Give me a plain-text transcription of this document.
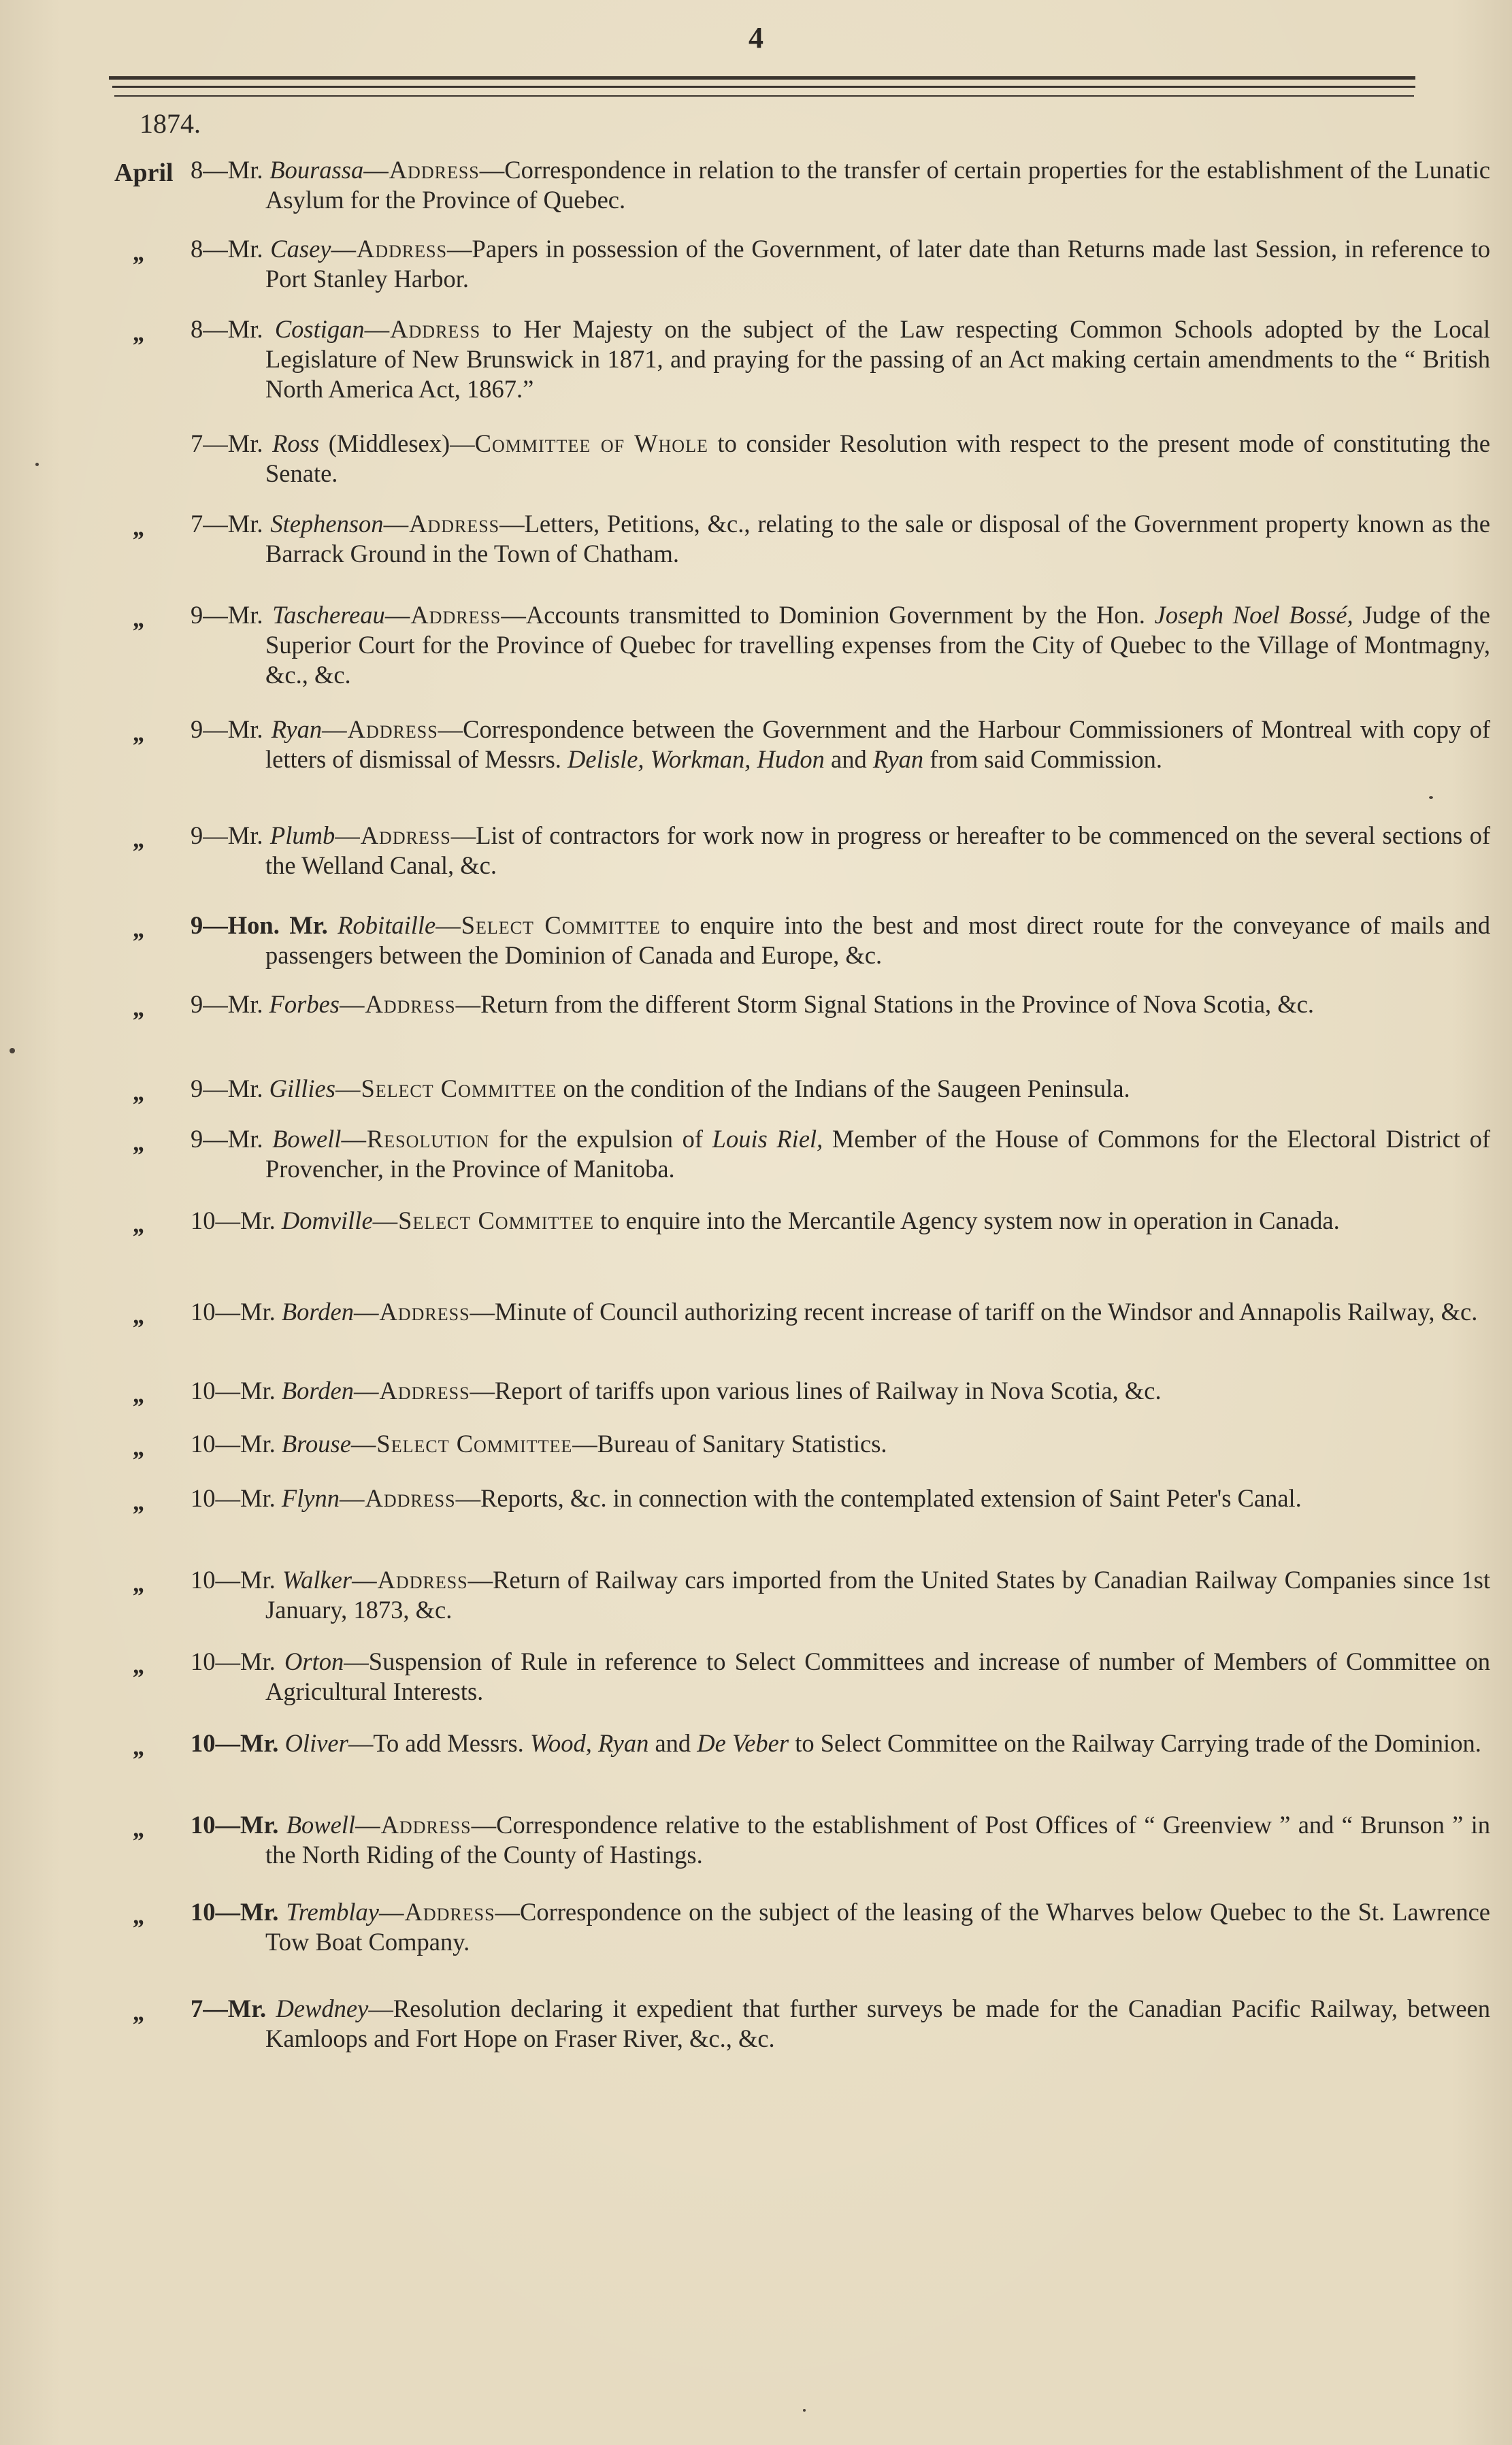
4
1874.
April 8—Mr. Bourassa—Address—Correspondence in relation to the transfer of certain properties for the establishment of the Lunatic Asylum for the Province of Quebec.
„ 8—Mr. Casey—Address—Papers in possession of the Government, of later date than Returns made last Session, in reference to Port Stanley Harbor.
„ 8—Mr. Costigan—Address to Her Majesty on the subject of the Law respecting Common Schools adopted by the Local Legislature of New Brunswick in 1871, and praying for the passing of an Act making certain amendments to the “ British North America Act, 1867.”
7—Mr. Ross (Middlesex)—Committee of Whole to consider Resolution with respect to the present mode of constituting the Senate.
„ 7—Mr. Stephenson—Address—Letters, Petitions, &c., relating to the sale or disposal of the Government property known as the Barrack Ground in the Town of Chatham.
„ 9—Mr. Taschereau—Address—Accounts transmitted to Dominion Government by the Hon. Joseph Noel Bossé, Judge of the Superior Court for the Province of Quebec for travelling expenses from the City of Quebec to the Village of Montmagny, &c., &c.
„ 9—Mr. Ryan—Address—Correspondence between the Government and the Harbour Commissioners of Montreal with copy of letters of dismissal of Messrs. Delisle, Workman, Hudon and Ryan from said Commission.
„ 9—Mr. Plumb—Address—List of contractors for work now in progress or hereafter to be commenced on the several sections of the Welland Canal, &c.
„ 9—Hon. Mr. Robitaille—Select Committee to enquire into the best and most direct route for the conveyance of mails and passengers between the Dominion of Canada and Europe, &c.
„ 9—Mr. Forbes—Address—Return from the different Storm Signal Stations in the Province of Nova Scotia, &c.
„ 9—Mr. Gillies—Select Committee on the condition of the Indians of the Saugeen Peninsula.
„ 9—Mr. Bowell—Resolution for the expulsion of Louis Riel, Member of the House of Commons for the Electoral District of Provencher, in the Province of Manitoba.
„ 10—Mr. Domville—Select Committee to enquire into the Mercantile Agency system now in operation in Canada.
„ 10—Mr. Borden—Address—Minute of Council authorizing recent increase of tariff on the Windsor and Annapolis Railway, &c.
„ 10—Mr. Borden—Address—Report of tariffs upon various lines of Railway in Nova Scotia, &c.
„ 10—Mr. Brouse—Select Committee—Bureau of Sanitary Statistics.
„ 10—Mr. Flynn—Address—Reports, &c. in connection with the contemplated extension of Saint Peter's Canal.
„ 10—Mr. Walker—Address—Return of Railway cars imported from the United States by Canadian Railway Companies since 1st January, 1873, &c.
„ 10—Mr. Orton—Suspension of Rule in reference to Select Committees and increase of number of Members of Committee on Agricultural Interests.
„ 10—Mr. Oliver—To add Messrs. Wood, Ryan and De Veber to Select Committee on the Railway Carrying trade of the Dominion.
„ 10—Mr. Bowell—Address—Correspondence relative to the establishment of Post Offices of “ Greenview ” and “ Brunson ” in the North Riding of the County of Hastings.
„ 10—Mr. Tremblay—Address—Correspondence on the subject of the leasing of the Wharves below Quebec to the St. Lawrence Tow Boat Company.
„ 7—Mr. Dewdney—Resolution declaring it expedient that further surveys be made for the Canadian Pacific Railway, between Kamloops and Fort Hope on Fraser River, &c., &c.
